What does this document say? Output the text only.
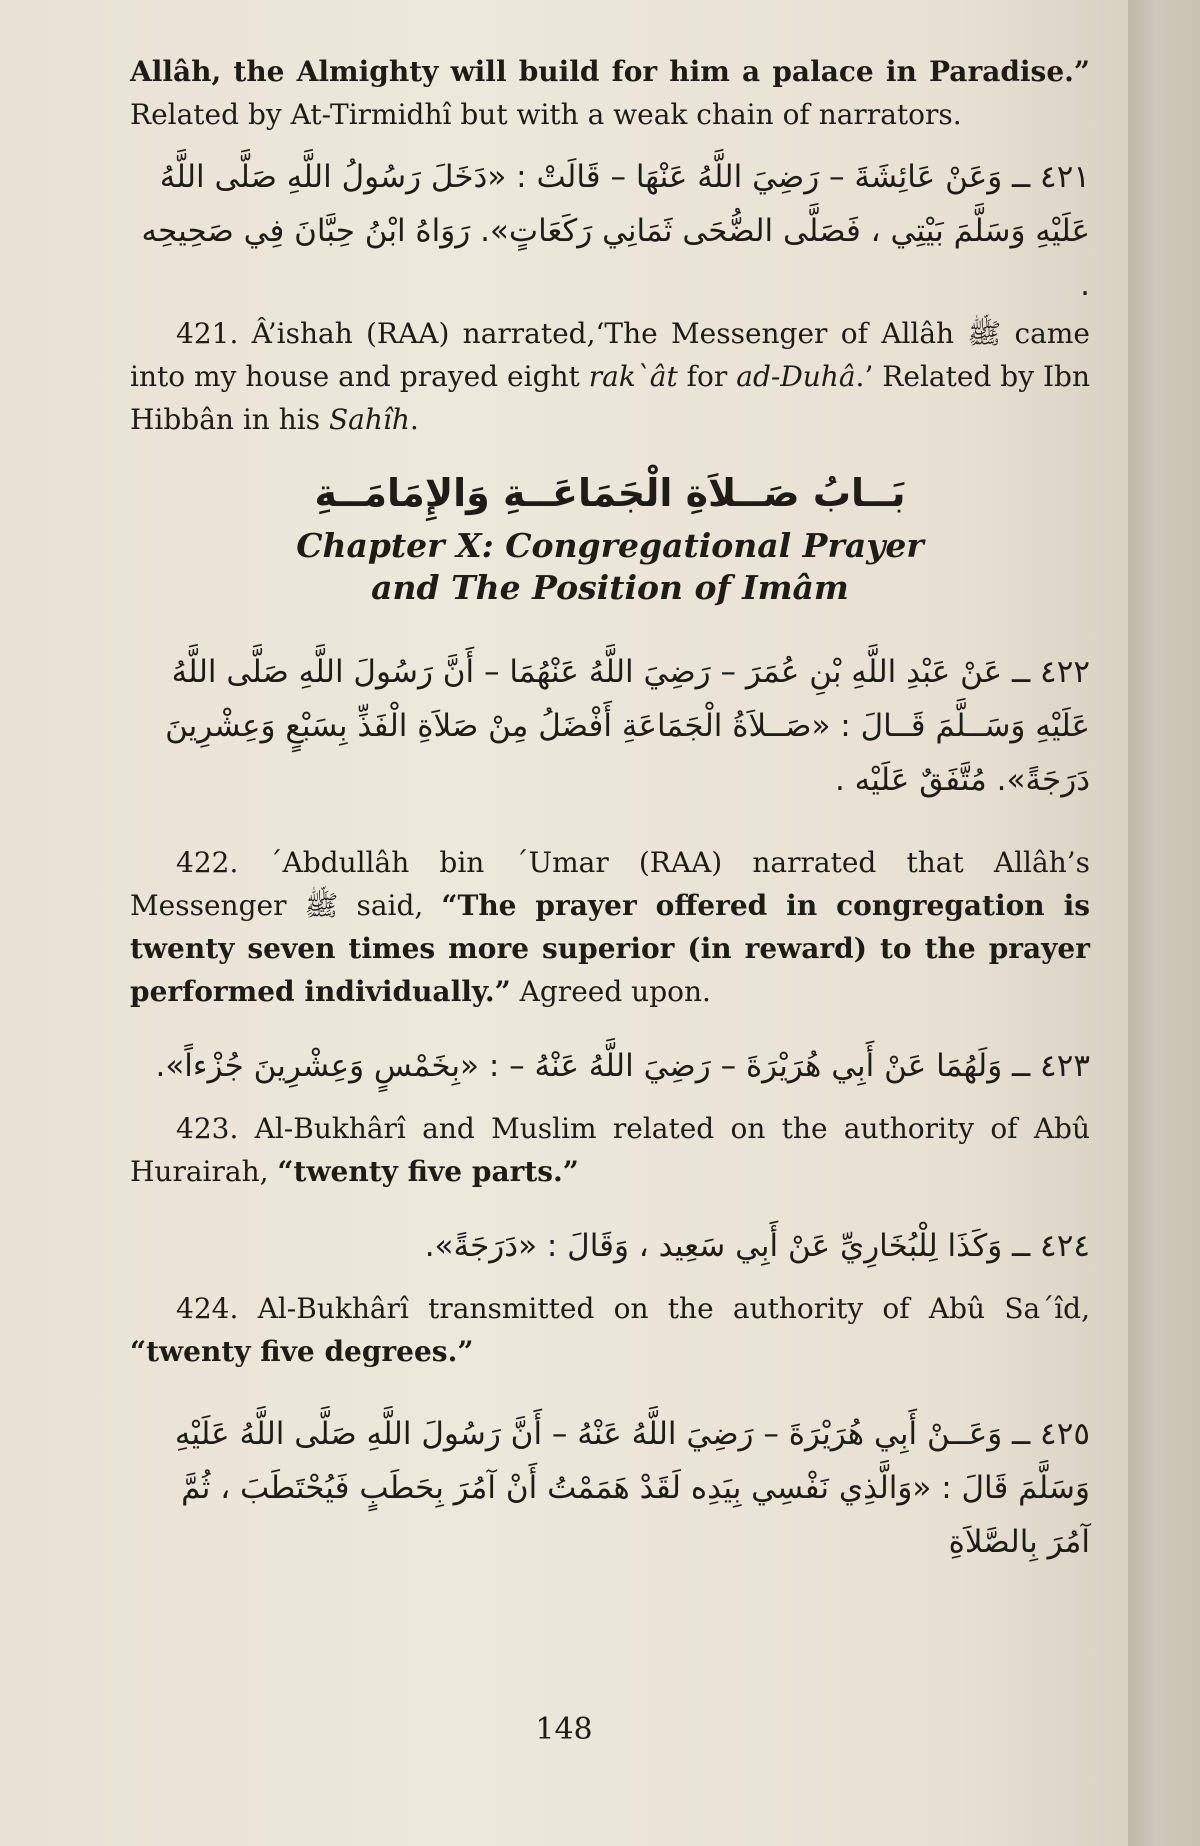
Allâh, the Almighty will build for him a palace in Paradise.” Related by At-Tirmidhî but with a weak chain of narrators.

٤٢١ ــ وَعَنْ عَائِشَةَ – رَضِيَ اللَّهُ عَنْهَا – قَالَتْ : «دَخَلَ رَسُولُ اللَّهِ صَلَّى اللَّهُ عَلَيْهِ وَسَلَّمَ بَيْتِي ، فَصَلَّى الضُّحَى ثَمَانِي رَكَعَاتٍ». رَوَاهُ ابْنُ حِبَّانَ فِي صَحِيحِه .

421. Â’ishah (RAA) narrated,‘The Messenger of Allâh ﷺ came into my house and prayed eight rak`ât for ad-Duhâ.’ Related by Ibn Hibbân in his Sahîh.

بَــابُ صَــلاَةِ الْجَمَاعَــةِ وَالإِمَامَــةِ
Chapter X: Congregational Prayer
and The Position of Imâm

٤٢٢ ــ عَنْ عَبْدِ اللَّهِ بْنِ عُمَرَ – رَضِيَ اللَّهُ عَنْهُمَا – أَنَّ رَسُولَ اللَّهِ صَلَّى اللَّهُ عَلَيْهِ وَسَــلَّمَ قَــالَ : «صَــلاَةُ الْجَمَاعَةِ أَفْضَلُ مِنْ صَلاَةِ الْفَذِّ بِسَبْعٍ وَعِشْرِينَ دَرَجَةً». مُتَّفَقٌ عَلَيْه .

422. ´Abdullâh bin ´Umar (RAA) narrated that Allâh’s Messenger ﷺ said, “The prayer offered in congregation is twenty seven times more superior (in reward) to the prayer performed individually.” Agreed upon.

٤٢٣ ــ وَلَهُمَا عَنْ أَبِي هُرَيْرَةَ – رَضِيَ اللَّهُ عَنْهُ – : «بِخَمْسٍ وَعِشْرِينَ جُزْءاً».

423. Al-Bukhârî and Muslim related on the authority of Abû Hurairah, “twenty five parts.”

٤٢٤ ــ وَكَذَا لِلْبُخَارِيِّ عَنْ أَبِي سَعِيد ، وَقَالَ : «دَرَجَةً».

424. Al-Bukhârî transmitted on the authority of Abû Sa´îd, “twenty five degrees.”

٤٢٥ ــ وَعَــنْ أَبِي هُرَيْرَةَ – رَضِيَ اللَّهُ عَنْهُ – أَنَّ رَسُولَ اللَّهِ صَلَّى اللَّهُ عَلَيْهِ وَسَلَّمَ قَالَ : «وَالَّذِي نَفْسِي بِيَدِه لَقَدْ هَمَمْتُ أَنْ آمُرَ بِحَطَبٍ فَيُحْتَطَبَ ، ثُمَّ آمُرَ بِالصَّلاَةِ

148
